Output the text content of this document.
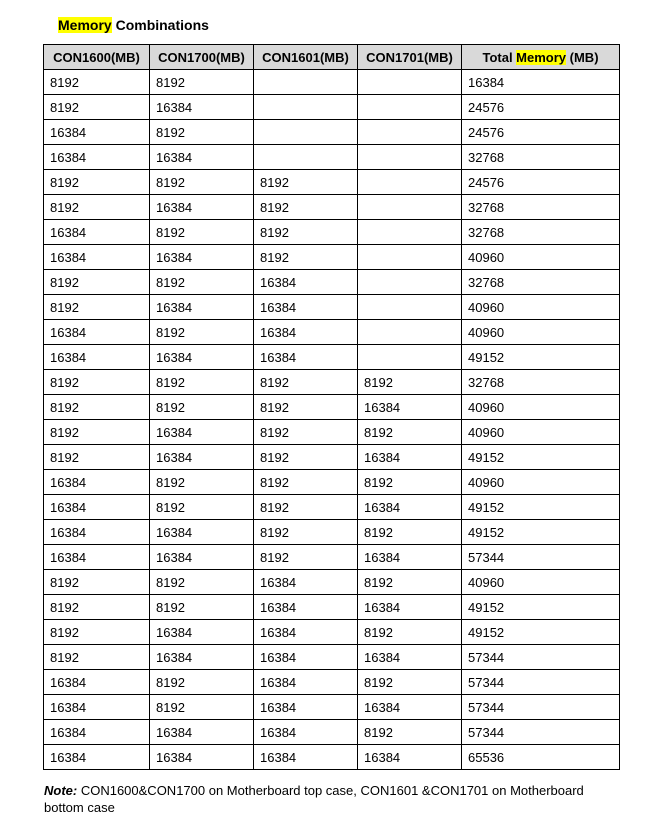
Memory Combinations
CON1600(MB)	CON1700(MB)	CON1601(MB)	CON1701(MB)	Total Memory (MB)
8192	8192			16384
8192	16384			24576
16384	8192			24576
16384	16384			32768
8192	8192	8192		24576
8192	16384	8192		32768
16384	8192	8192		32768
16384	16384	8192		40960
8192	8192	16384		32768
8192	16384	16384		40960
16384	8192	16384		40960
16384	16384	16384		49152
8192	8192	8192	8192	32768
8192	8192	8192	16384	40960
8192	16384	8192	8192	40960
8192	16384	8192	16384	49152
16384	8192	8192	8192	40960
16384	8192	8192	16384	49152
16384	16384	8192	8192	49152
16384	16384	8192	16384	57344
8192	8192	16384	8192	40960
8192	8192	16384	16384	49152
8192	16384	16384	8192	49152
8192	16384	16384	16384	57344
16384	8192	16384	8192	57344
16384	8192	16384	16384	57344
16384	16384	16384	8192	57344
16384	16384	16384	16384	65536
Note: CON1600&CON1700 on Motherboard top case, CON1601 &CON1701 on Motherboard bottom case
